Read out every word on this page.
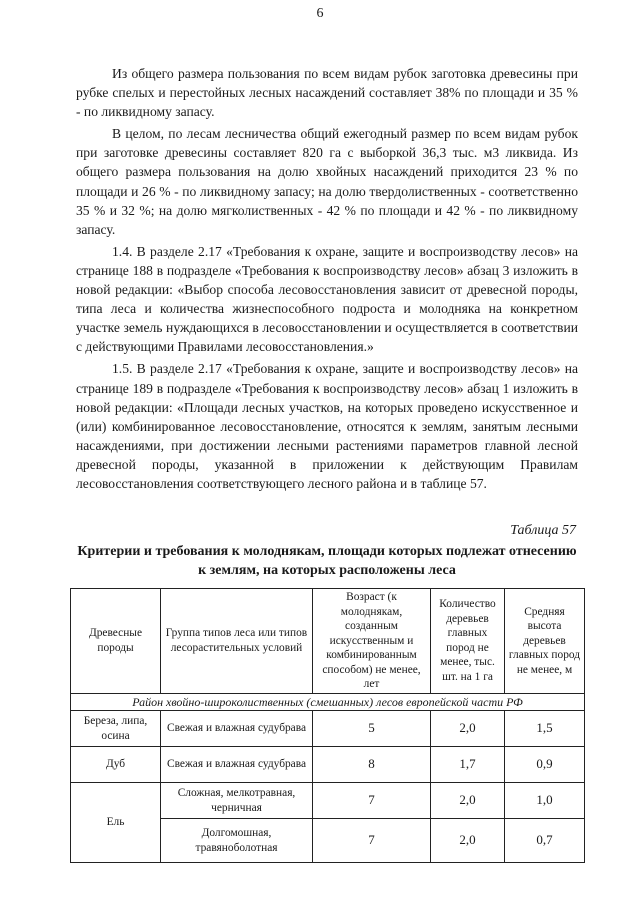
6

Из общего размера пользования по всем видам рубок заготовка древесины при рубке спелых и перестойных лесных насаждений составляет 38% по площади и 35 % - по ликвидному запасу.

В целом, по лесам лесничества общий ежегодный размер по всем видам рубок при заготовке древесины составляет 820 га с выборкой 36,3 тыс. м3 ликвида. Из общего размера пользования на долю хвойных насаждений приходится 23 % по площади и 26 % - по ликвидному запасу; на долю твердолиственных - соответственно 35 % и 32 %; на долю мягколиственных - 42 % по площади и 42 % - по ликвидному запасу.

1.4. В разделе 2.17 «Требования к охране, защите и воспроизводству лесов» на странице 188 в подразделе «Требования к воспроизводству лесов» абзац 3 изложить в новой редакции: «Выбор способа лесовосстановления зависит от древесной породы, типа леса и количества жизнеспособного подроста и молодняка на конкретном участке земель нуждающихся в лесовосстановлении и осуществляется в соответствии с действующими Правилами лесовосстановления.»

1.5. В разделе 2.17 «Требования к охране, защите и воспроизводству лесов» на странице 189 в подразделе «Требования к воспроизводству лесов» абзац 1 изложить в новой редакции: «Площади лесных участков, на которых проведено искусственное и (или) комбинированное лесовосстановление, относятся к землям, занятым лесными насаждениями, при достижении лесными растениями параметров главной лесной древесной породы, указанной в приложении к действующим Правилам лесовосстановления соответствующего лесного района и в таблице 57.

Таблица 57
Критерии и требования к молоднякам, площади которых подлежат отнесению к землям, на которых расположены леса
Древесные породы	Группа типов леса или типов лесорастительных условий	Возраст (к молоднякам, созданным искусственным и комбинированным способом) не менее, лет	Количество деревьев главных пород не менее, тыс. шт. на 1 га	Средняя высота деревьев главных пород не менее, м
Район хвойно-широколиственных (смешанных) лесов европейской части РФ				
Береза, липа, осина	Свежая и влажная судубрава	5	2,0	1,5
Дуб	Свежая и влажная судубрава	8	1,7	0,9
Ель	Сложная, мелкотравная, черничная	7	2,0	1,0
	Долгомошная, травяноболотная	7	2,0	0,7
